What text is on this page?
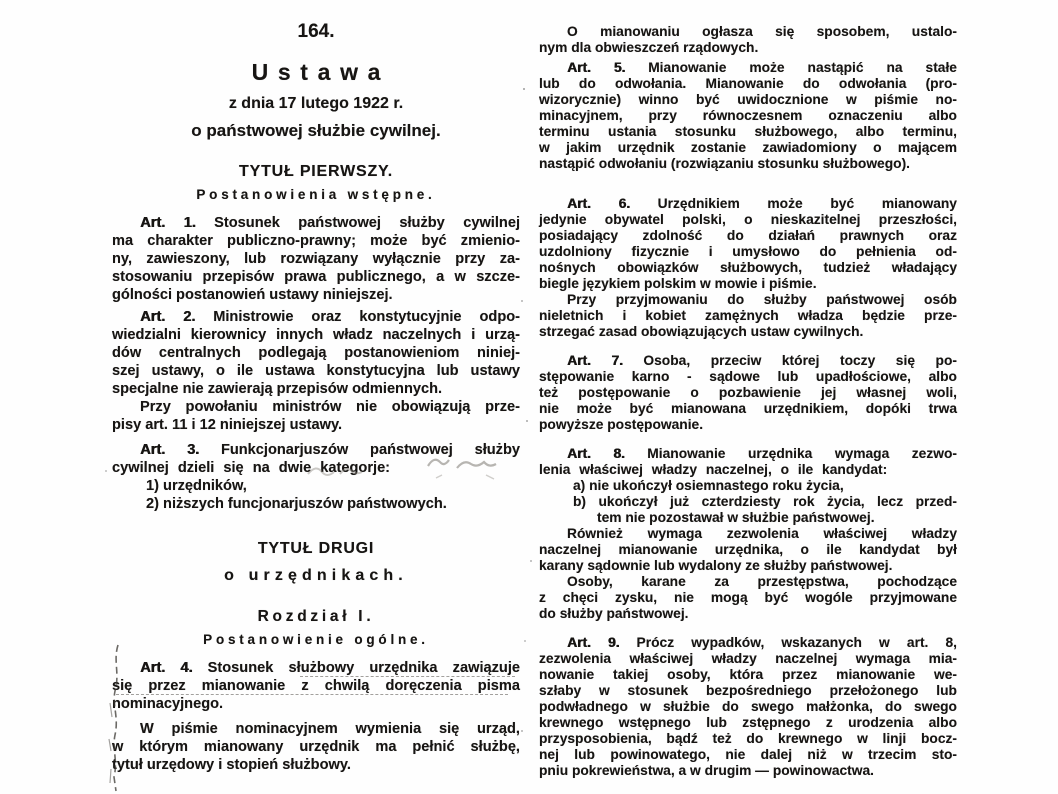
164.
Ustawa
z dnia 17 lutego 1922 r.
o państwowej służbie cywilnej.
TYTUŁ PIERWSZY.
Postanowienia wstępne.
Art. 1. Stosunek państwowej służby cywilnej
ma charakter publiczno-prawny; może być zmienio-
ny, zawieszony, lub rozwiązany wyłącznie przy za-
stosowaniu przepisów prawa publicznego, a w szcze-
gólności postanowień ustawy niniejszej.
Art. 2. Ministrowie oraz konstytucyjnie odpo-
wiedzialni kierownicy innych władz naczelnych i urzą-
dów centralnych podlegają postanowieniom niniej-
szej ustawy, o ile ustawa konstytucyjna lub ustawy
specjalne nie zawierają przepisów odmiennych.
Przy powołaniu ministrów nie obowiązują prze-
pisy art. 11 i 12 niniejszej ustawy.
Art. 3. Funkcjonarjuszów państwowej służby
cywilnej dzieli się na dwie kategorje:
1) urzędników,
2) niższych funcjonarjuszów państwowych.
TYTUŁ DRUGI
o urzędnikach.
Rozdział I.
Postanowienie ogólne.
Art. 4. Stosunek służbowy urzędnika zawiązuje
się przez mianowanie z chwilą doręczenia pisma
nominacyjnego.
W piśmie nominacyjnem wymienia się urząd,
w którym mianowany urzędnik ma pełnić służbę,
tytuł urzędowy i stopień służbowy.
O mianowaniu ogłasza się sposobem, ustalo-
nym dla obwieszczeń rządowych.
Art. 5. Mianowanie może nastąpić na stałe
lub do odwołania. Mianowanie do odwołania (pro-
wizorycznie) winno być uwidocznione w piśmie no-
minacyjnem, przy równoczesnem oznaczeniu albo
terminu ustania stosunku służbowego, albo terminu,
w jakim urzędnik zostanie zawiadomiony o mającem
nastąpić odwołaniu (rozwiązaniu stosunku służbowego).
Art. 6. Urzędnikiem może być mianowany
jedynie obywatel polski, o nieskazitelnej przeszłości,
posiadający zdolność do działań prawnych oraz
uzdolniony fizycznie i umysłowo do pełnienia od-
nośnych obowiązków służbowych, tudzież władający
biegle językiem polskim w mowie i piśmie.
Przy przyjmowaniu do służby państwowej osób
nieletnich i kobiet zamężnych władza będzie prze-
strzegać zasad obowiązujących ustaw cywilnych.
Art. 7. Osoba, przeciw której toczy się po-
stępowanie karno - sądowe lub upadłościowe, albo
też postępowanie o pozbawienie jej własnej woli,
nie może być mianowana urzędnikiem, dopóki trwa
powyższe postępowanie.
Art. 8. Mianowanie urzędnika wymaga zezwo-
lenia właściwej władzy naczelnej, o ile kandydat:
a) nie ukończył osiemnastego roku życia,
b) ukończył już czterdziesty rok życia, lecz przed-
tem nie pozostawał w służbie państwowej.
Również wymaga zezwolenia właściwej władzy
naczelnej mianowanie urzędnika, o ile kandydat był
karany sądownie lub wydalony ze służby państwowej.
Osoby, karane za przestępstwa, pochodzące
z chęci zysku, nie mogą być wogóle przyjmowane
do służby państwowej.
Art. 9. Prócz wypadków, wskazanych w art. 8,
zezwolenia właściwej władzy naczelnej wymaga mia-
nowanie takiej osoby, która przez mianowanie we-
szłaby w stosunek bezpośredniego przełożonego lub
podwładnego w służbie do swego małżonka, do swego
krewnego wstępnego lub zstępnego z urodzenia albo
przysposobienia, bądź też do krewnego w linji bocz-
nej lub powinowatego, nie dalej niż w trzecim sto-
pniu pokrewieństwa, a w drugim — powinowactwa.
